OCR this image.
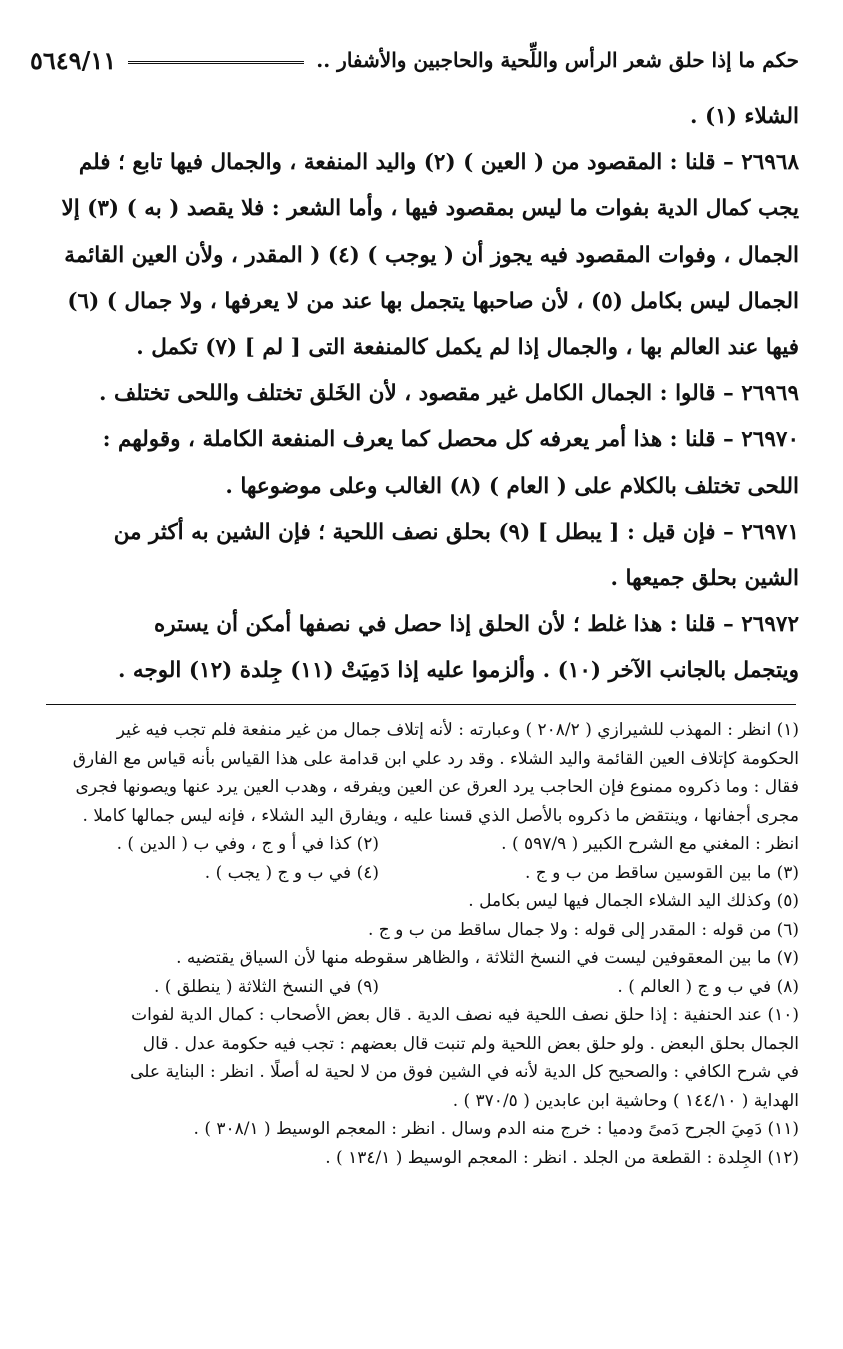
حكم ما إذا حلق شعر الرأس واللِّحية والحاجبين والأشفار ..
٥٦٤٩/١١
الشلاء (١) .
٢٦٩٦٨ – قلنا : المقصود من ( العين ) (٢) واليد المنفعة ، والجمال فيها تابع ؛ فلم
يجب كمال الدية بفوات ما ليس بمقصود فيها ، وأما الشعر : فلا يقصد ( به ) (٣) إلا
الجمال ، وفوات المقصود فيه يجوز أن ( يوجب ) (٤) ( المقدر ، ولأن العين القائمة
الجمال ليس بكامل (٥) ، لأن صاحبها يتجمل بها عند من لا يعرفها ، ولا جمال ) (٦)
فيها عند العالم بها ، والجمال إذا لم يكمل كالمنفعة التى [ لم ] (٧) تكمل .
٢٦٩٦٩ – قالوا : الجمال الكامل غير مقصود ، لأن الخَلق تختلف واللحى تختلف .
٢٦٩٧٠ – قلنا : هذا أمر يعرفه كل محصل كما يعرف المنفعة الكاملة ، وقولهم :
اللحى تختلف بالكلام على ( العام ) (٨) الغالب وعلى موضوعها .
٢٦٩٧١ – فإن قيل : [ يبطل ] (٩) بحلق نصف اللحية ؛ فإن الشين به أكثر من
الشين بحلق جميعها .
٢٦٩٧٢ – قلنا : هذا غلط ؛ لأن الحلق إذا حصل في نصفها أمكن أن يستره
ويتجمل بالجانب الآخر (١٠) . وألزموا عليه إذا دَمِيَتْ (١١) جِلدة (١٢) الوجه .
(١) انظر : المهذب للشيرازي ( ٢٠٨/٢ ) وعبارته : لأنه إتلاف جمال من غير منفعة فلم تجب فيه غير
الحكومة كإتلاف العين القائمة واليد الشلاء . وقد رد علي ابن قدامة على هذا القياس بأنه قياس مع الفارق
فقال : وما ذكروه ممنوع فإن الحاجب يرد العرق عن العين ويفرقه ، وهدب العين يرد عنها ويصونها فجرى
مجرى أجفانها ، وينتقض ما ذكروه بالأصل الذي قسنا عليه ، ويفارق اليد الشلاء ، فإنه ليس جمالها كاملا .
انظر : المغني مع الشرح الكبير ( ٥٩٧/٩ ) .
(٢) كذا في أ و ج ، وفي ب ( الدين ) .
(٣) ما بين القوسين ساقط من ب و ج .
(٤) في ب و ج ( يجب ) .
(٥) وكذلك اليد الشلاء الجمال فيها ليس بكامل .
(٦) من قوله : المقدر إلى قوله : ولا جمال ساقط من ب و ج .
(٧) ما بين المعقوفين ليست في النسخ الثلاثة ، والظاهر سقوطه منها لأن السياق يقتضيه .
(٨) في ب و ج ( العالم ) .
(٩) في النسخ الثلاثة ( ينطلق ) .
(١٠) عند الحنفية : إذا حلق نصف اللحية فيه نصف الدية . قال بعض الأصحاب : كمال الدية لفوات
الجمال بحلق البعض . ولو حلق بعض اللحية ولم تنبت قال بعضهم : تجب فيه حكومة عدل . قال
في شرح الكافي : والصحيح كل الدية لأنه في الشين فوق من لا لحية له أصلًا . انظر : البناية على
الهداية ( ١٤٤/١٠ ) وحاشية ابن عابدين ( ٣٧٠/٥ ) .
(١١) دَمِيَ الجرح دَمىً ودميا : خرج منه الدم وسال . انظر : المعجم الوسيط ( ٣٠٨/١ ) .
(١٢) الجِلدة : القطعة من الجلد . انظر : المعجم الوسيط ( ١٣٤/١ ) .
